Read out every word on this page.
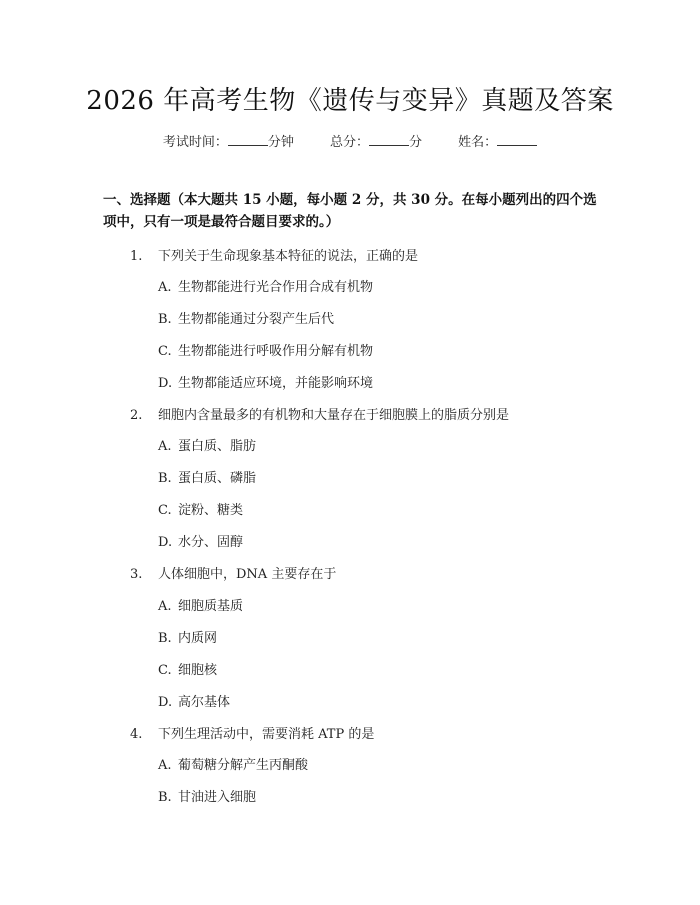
2026 年高考生物《遗传与变异》真题及答案
考试时间：	分钟	总分：	分	姓名：
一、选择题（本大题共 15 小题，每小题 2 分，共 30 分。在每小题列出的四个选项中，只有一项是最符合题目要求的。）
1. 下列关于生命现象基本特征的说法，正确的是
A. 生物都能进行光合作用合成有机物
B. 生物都能通过分裂产生后代
C. 生物都能进行呼吸作用分解有机物
D. 生物都能适应环境，并能影响环境
2. 细胞内含量最多的有机物和大量存在于细胞膜上的脂质分别是
A. 蛋白质、脂肪
B. 蛋白质、磷脂
C. 淀粉、糖类
D. 水分、固醇
3. 人体细胞中，DNA 主要存在于
A. 细胞质基质
B. 内质网
C. 细胞核
D. 高尔基体
4. 下列生理活动中，需要消耗 ATP 的是
A. 葡萄糖分解产生丙酮酸
B. 甘油进入细胞
